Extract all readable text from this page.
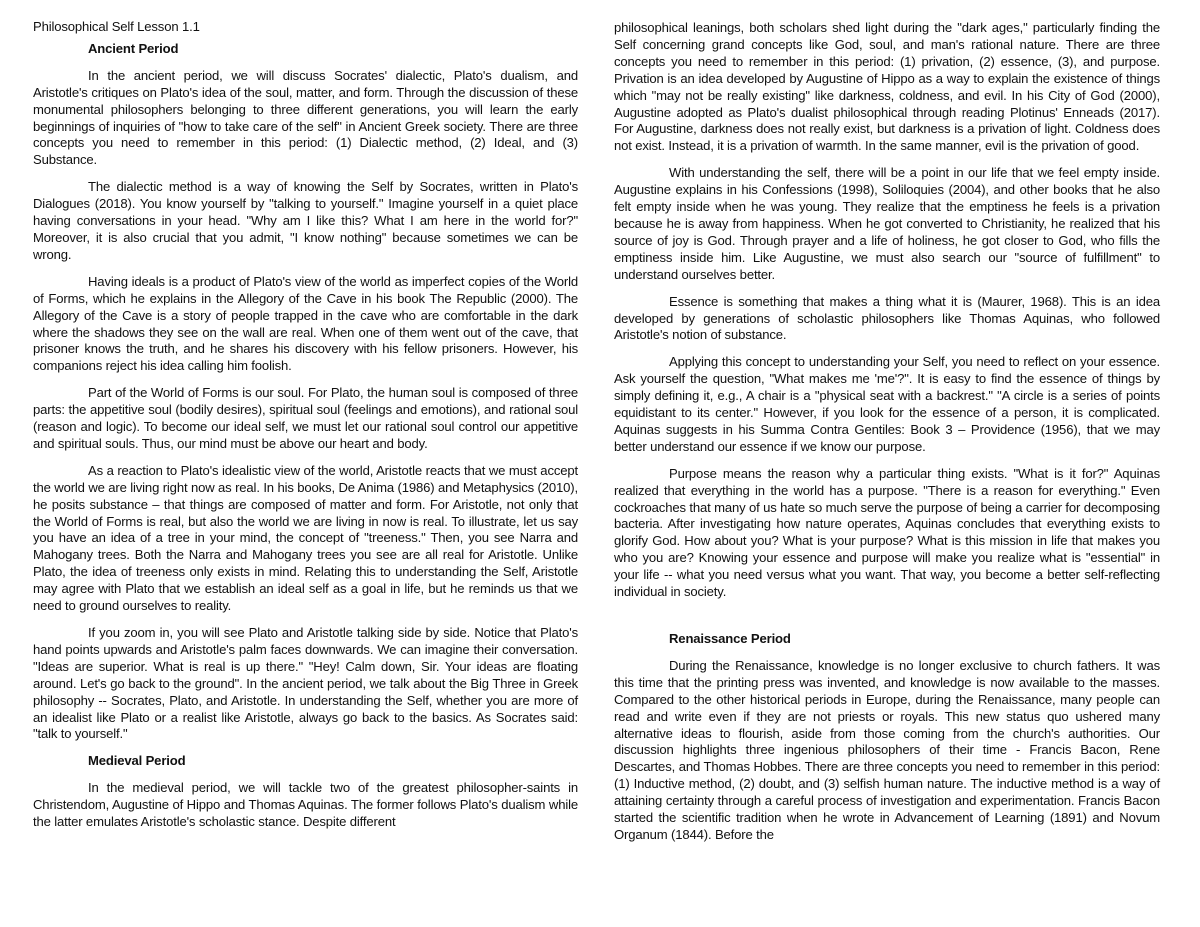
Philosophical Self Lesson 1.1
Ancient Period

In the ancient period, we will discuss Socrates' dialectic, Plato's dualism, and Aristotle's critiques on Plato's idea of the soul, matter, and form. Through the discussion of these monumental philosophers belonging to three different generations, you will learn the early beginnings of inquiries of "how to take care of the self" in Ancient Greek society. There are three concepts you need to remember in this period: (1) Dialectic method, (2) Ideal, and (3) Substance.

The dialectic method is a way of knowing the Self by Socrates, written in Plato's Dialogues (2018). You know yourself by "talking to yourself." Imagine yourself in a quiet place having conversations in your head. "Why am I like this? What I am here in the world for?" Moreover, it is also crucial that you admit, "I know nothing" because sometimes we can be wrong.

Having ideals is a product of Plato's view of the world as imperfect copies of the World of Forms, which he explains in the Allegory of the Cave in his book The Republic (2000). The Allegory of the Cave is a story of people trapped in the cave who are comfortable in the dark where the shadows they see on the wall are real. When one of them went out of the cave, that prisoner knows the truth, and he shares his discovery with his fellow prisoners. However, his companions reject his idea calling him foolish.

Part of the World of Forms is our soul. For Plato, the human soul is composed of three parts: the appetitive soul (bodily desires), spiritual soul (feelings and emotions), and rational soul (reason and logic). To become our ideal self, we must let our rational soul control our appetitive and spiritual souls. Thus, our mind must be above our heart and body.

As a reaction to Plato's idealistic view of the world, Aristotle reacts that we must accept the world we are living right now as real. In his books, De Anima (1986) and Metaphysics (2010), he posits substance – that things are composed of matter and form. For Aristotle, not only that the World of Forms is real, but also the world we are living in now is real. To illustrate, let us say you have an idea of a tree in your mind, the concept of "treeness." Then, you see Narra and Mahogany trees. Both the Narra and Mahogany trees you see are all real for Aristotle. Unlike Plato, the idea of treeness only exists in mind. Relating this to understanding the Self, Aristotle may agree with Plato that we establish an ideal self as a goal in life, but he reminds us that we need to ground ourselves to reality.

If you zoom in, you will see Plato and Aristotle talking side by side. Notice that Plato's hand points upwards and Aristotle's palm faces downwards. We can imagine their conversation. "Ideas are superior. What is real is up there." "Hey! Calm down, Sir. Your ideas are floating around. Let's go back to the ground". In the ancient period, we talk about the Big Three in Greek philosophy -- Socrates, Plato, and Aristotle. In understanding the Self, whether you are more of an idealist like Plato or a realist like Aristotle, always go back to the basics. As Socrates said: "talk to yourself."

Medieval Period

In the medieval period, we will tackle two of the greatest philosopher-saints in Christendom, Augustine of Hippo and Thomas Aquinas. The former follows Plato's dualism while the latter emulates Aristotle's scholastic stance. Despite different

philosophical leanings, both scholars shed light during the "dark ages," particularly finding the Self concerning grand concepts like God, soul, and man's rational nature. There are three concepts you need to remember in this period: (1) privation, (2) essence, (3), and purpose. Privation is an idea developed by Augustine of Hippo as a way to explain the existence of things which "may not be really existing" like darkness, coldness, and evil. In his City of God (2000), Augustine adopted as Plato's dualist philosophical through reading Plotinus' Enneads (2017). For Augustine, darkness does not really exist, but darkness is a privation of light. Coldness does not exist. Instead, it is a privation of warmth. In the same manner, evil is the privation of good.

With understanding the self, there will be a point in our life that we feel empty inside. Augustine explains in his Confessions (1998), Soliloquies (2004), and other books that he also felt empty inside when he was young. They realize that the emptiness he feels is a privation because he is away from happiness. When he got converted to Christianity, he realized that his source of joy is God. Through prayer and a life of holiness, he got closer to God, who fills the emptiness inside him. Like Augustine, we must also search our "source of fulfillment" to understand ourselves better.

Essence is something that makes a thing what it is (Maurer, 1968). This is an idea developed by generations of scholastic philosophers like Thomas Aquinas, who followed Aristotle's notion of substance.

Applying this concept to understanding your Self, you need to reflect on your essence. Ask yourself the question, "What makes me 'me'?". It is easy to find the essence of things by simply defining it, e.g., A chair is a "physical seat with a backrest." "A circle is a series of points equidistant to its center." However, if you look for the essence of a person, it is complicated. Aquinas suggests in his Summa Contra Gentiles: Book 3 – Providence (1956), that we may better understand our essence if we know our purpose.

Purpose means the reason why a particular thing exists. "What is it for?" Aquinas realized that everything in the world has a purpose. "There is a reason for everything." Even cockroaches that many of us hate so much serve the purpose of being a carrier for decomposing bacteria. After investigating how nature operates, Aquinas concludes that everything exists to glorify God. How about you? What is your purpose? What is this mission in life that makes you who you are? Knowing your essence and purpose will make you realize what is "essential" in your life -- what you need versus what you want. That way, you become a better self-reflecting individual in society.

Renaissance Period

During the Renaissance, knowledge is no longer exclusive to church fathers. It was this time that the printing press was invented, and knowledge is now available to the masses. Compared to the other historical periods in Europe, during the Renaissance, many people can read and write even if they are not priests or royals. This new status quo ushered many alternative ideas to flourish, aside from those coming from the church's authorities. Our discussion highlights three ingenious philosophers of their time - Francis Bacon, Rene Descartes, and Thomas Hobbes. There are three concepts you need to remember in this period: (1) Inductive method, (2) doubt, and (3) selfish human nature. The inductive method is a way of attaining certainty through a careful process of investigation and experimentation. Francis Bacon started the scientific tradition when he wrote in Advancement of Learning (1891) and Novum Organum (1844). Before the
